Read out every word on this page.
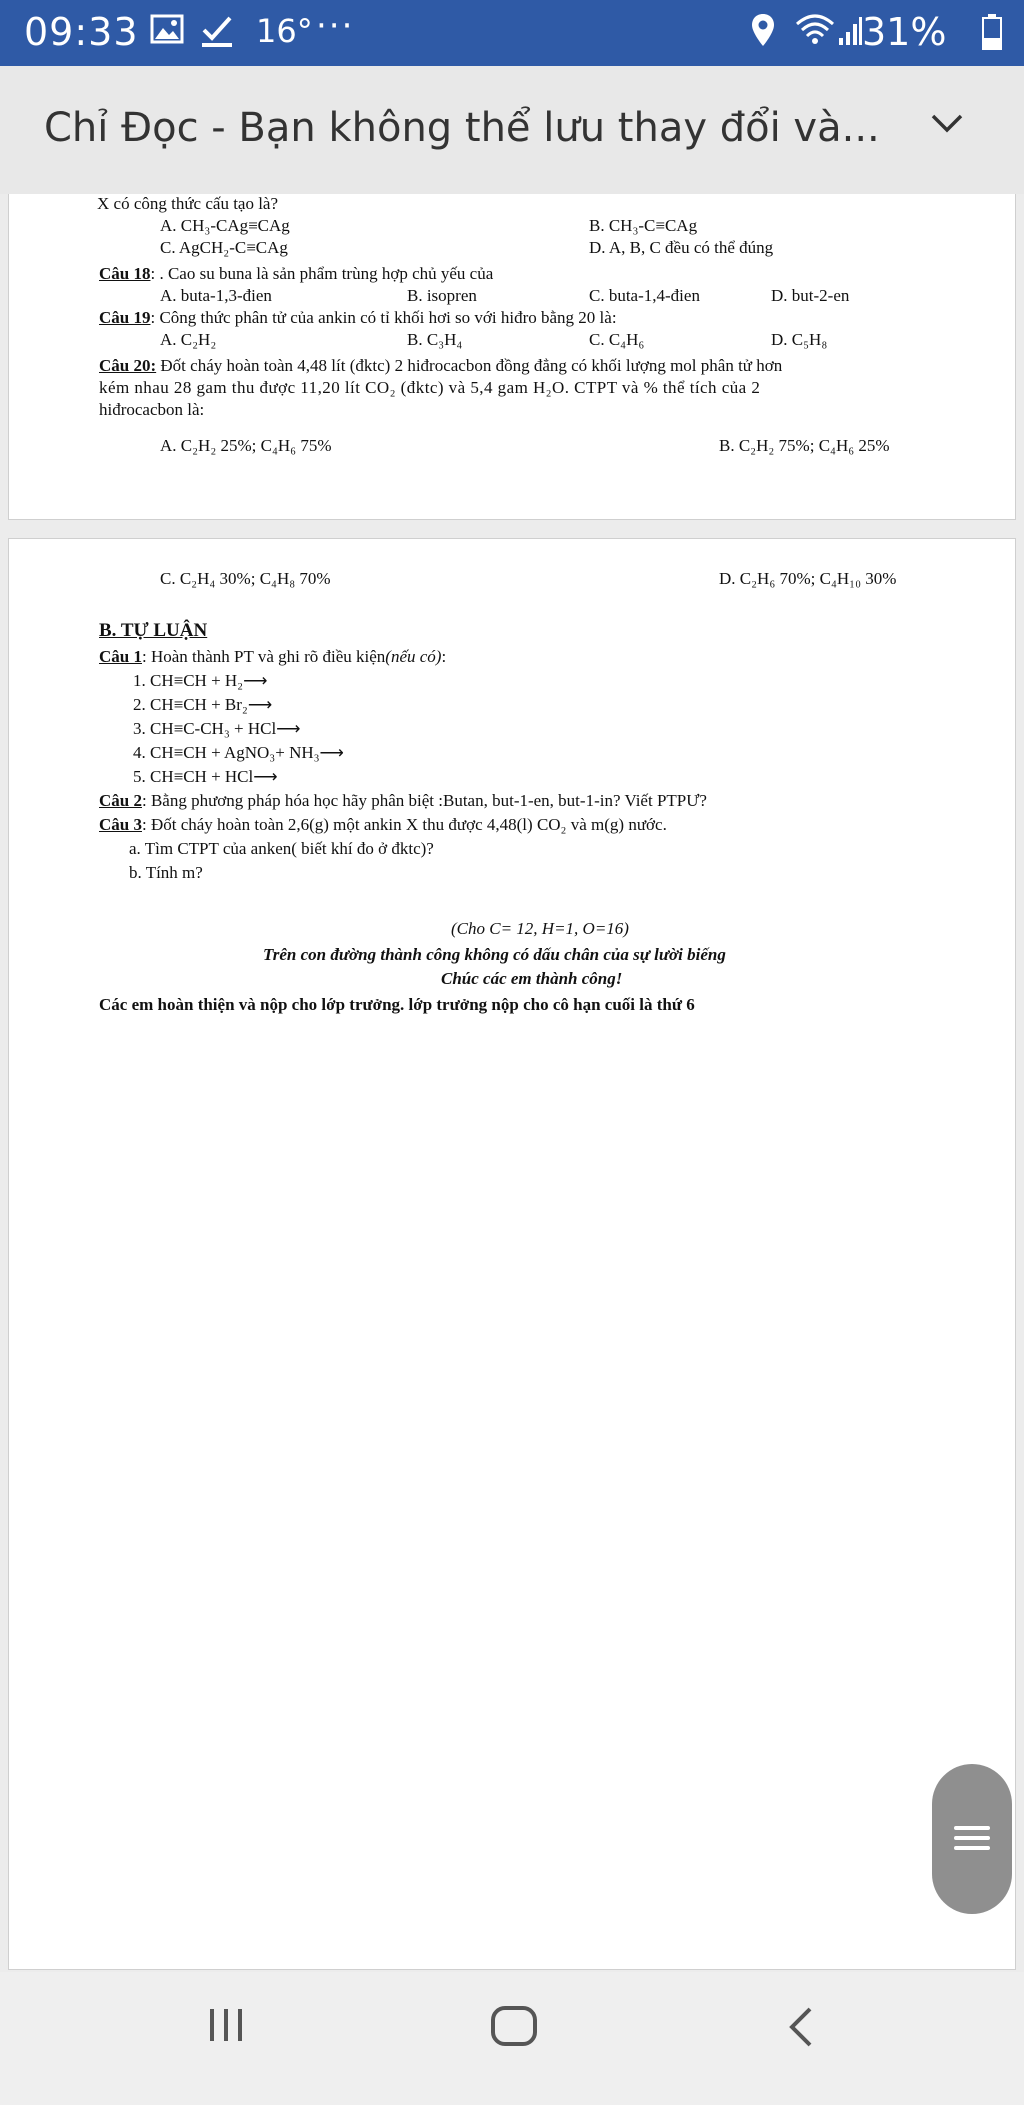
09:33	16° ···	31%
Chỉ Đọc - Bạn không thể lưu thay đổi và...
X có công thức cấu tạo là?
A. CH₃-CAg≡CAg	B. CH₃-C≡CAg
C. AgCH₂-C≡CAg	D. A, B, C đều có thể đúng
Câu 18: . Cao su buna là sản phẩm trùng hợp chủ yếu của
A. buta-1,3-đien	B. isopren	C. buta-1,4-đien	D. but-2-en
Câu 19: Công thức phân tử của ankin có tỉ khối hơi so với hiđro bằng 20 là:
A. C₂H₂	B. C₃H₄	C. C₄H₆	D. C₅H₈
Câu 20: Đốt cháy hoàn toàn 4,48 lít (đktc) 2 hiđrocacbon đồng đẳng có khối lượng mol phân tử hơn
kém nhau 28 gam thu được 11,20 lít CO₂ (đktc) và 5,4 gam H₂O. CTPT và % thể tích của 2
hiđrocacbon là:
A. C₂H₂ 25%; C₄H₆ 75%	B. C₂H₂ 75%; C₄H₆ 25%
C. C₂H₄ 30%; C₄H₈ 70%	D. C₂H₆ 70%; C₄H₁₀ 30%
B. TỰ LUẬN
Câu 1: Hoàn thành PT và ghi rõ điều kiện(nếu có):
1. CH≡CH + H₂⟶
2. CH≡CH + Br₂⟶
3. CH≡C-CH₃ + HCl⟶
4. CH≡CH + AgNO₃+ NH₃⟶
5. CH≡CH + HCl⟶
Câu 2: Bằng phương pháp hóa học hãy phân biệt :Butan, but-1-en, but-1-in? Viết PTPƯ?
Câu 3: Đốt cháy hoàn toàn 2,6(g) một ankin X thu được 4,48(l) CO₂ và m(g) nước.
a. Tìm CTPT của anken( biết khí đo ở đktc)?
b. Tính m?
(Cho C= 12, H=1, O=16)
Trên con đường thành công không có dấu chân của sự lười biếng
Chúc các em thành công!
Các em hoàn thiện và nộp cho lớp trưởng. lớp trưởng nộp cho cô hạn cuối là thứ 6
